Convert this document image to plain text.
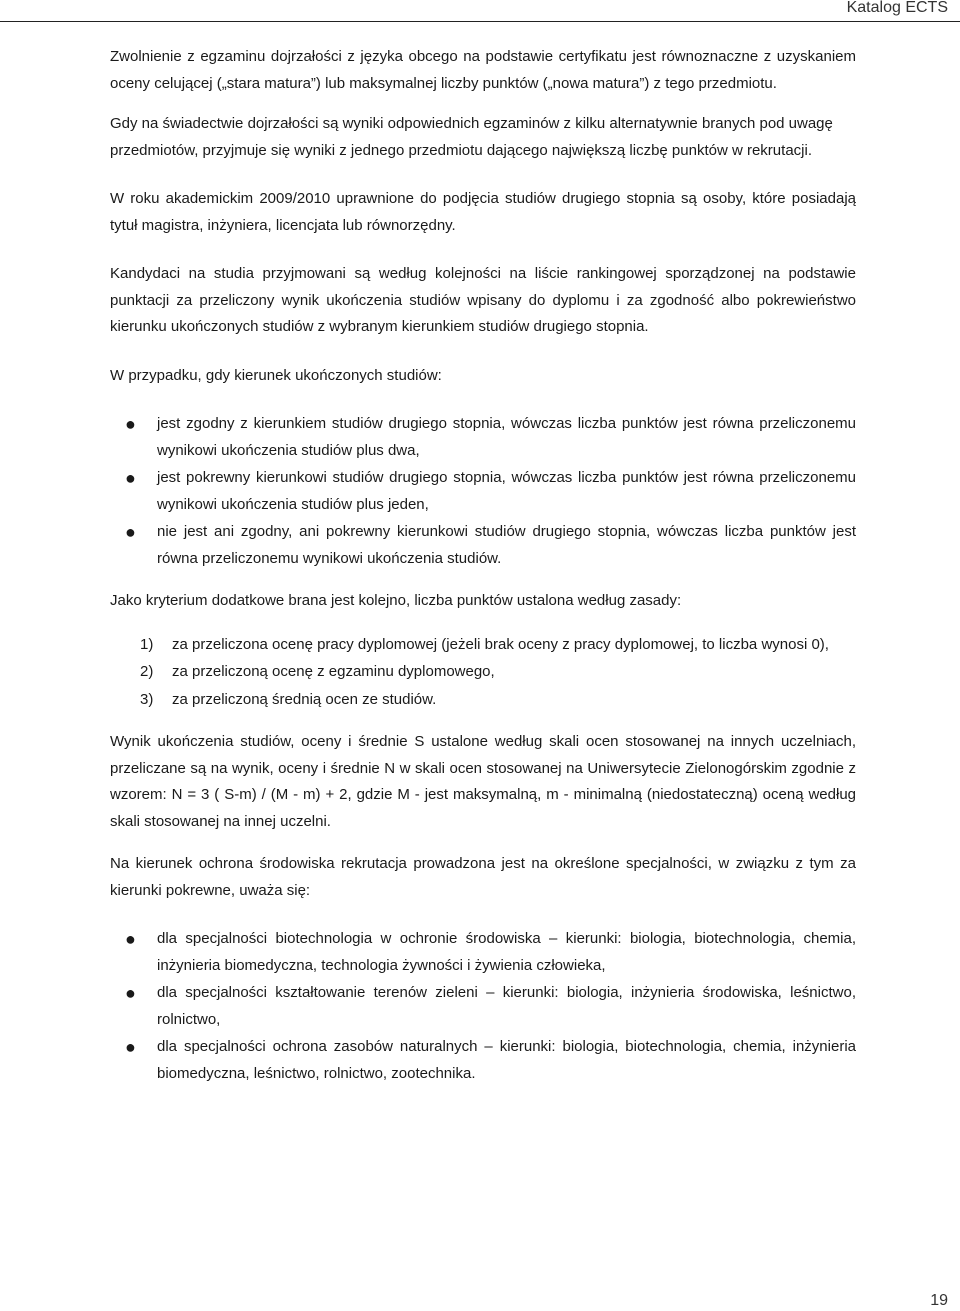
Katalog ECTS

Zwolnienie z egzaminu dojrzałości z języka obcego na podstawie certyfikatu jest równoznaczne z uzyskaniem oceny celującej („stara matura”) lub maksymalnej liczby punktów („nowa matura”) z tego przedmiotu.

Gdy na świadectwie dojrzałości są wyniki odpowiednich egzaminów z kilku alternatywnie branych pod uwagę przedmiotów, przyjmuje się wyniki z jednego przedmiotu dającego największą liczbę punktów w rekrutacji.

W roku akademickim 2009/2010 uprawnione do podjęcia studiów drugiego stopnia są osoby, które posiadają tytuł magistra, inżyniera, licencjata lub równorzędny.

Kandydaci na studia przyjmowani są według kolejności na liście rankingowej sporządzonej na podstawie punktacji za przeliczony wynik ukończenia studiów wpisany do dyplomu i za zgodność albo pokrewieństwo kierunku ukończonych studiów z wybranym kierunkiem studiów drugiego stopnia.

W przypadku, gdy kierunek ukończonych studiów:

● jest zgodny z kierunkiem studiów drugiego stopnia, wówczas liczba punktów jest równa przeliczonemu wynikowi ukończenia studiów plus dwa,
● jest pokrewny kierunkowi studiów drugiego stopnia, wówczas liczba punktów jest równa przeliczonemu wynikowi ukończenia studiów plus jeden,
● nie jest ani zgodny, ani pokrewny kierunkowi studiów drugiego stopnia, wówczas liczba punktów jest równa przeliczonemu wynikowi ukończenia studiów.

Jako kryterium dodatkowe brana jest kolejno, liczba punktów ustalona według zasady:

1) za przeliczona ocenę pracy dyplomowej (jeżeli brak oceny z pracy dyplomowej, to liczba wynosi 0),
2) za przeliczoną ocenę z egzaminu dyplomowego,
3) za przeliczoną średnią ocen ze studiów.

Wynik ukończenia studiów, oceny i średnie S ustalone według skali ocen stosowanej na innych uczelniach, przeliczane są na wynik, oceny i średnie N w skali ocen stosowanej na Uniwersytecie Zielonogórskim zgodnie z wzorem: N = 3 ( S-m) / (M - m) + 2, gdzie M - jest maksymalną, m - minimalną (niedostateczną) oceną według skali stosowanej na innej uczelni.

Na kierunek ochrona środowiska rekrutacja prowadzona jest na określone specjalności, w związku z tym za kierunki pokrewne, uważa się:

● dla specjalności biotechnologia w ochronie środowiska – kierunki: biologia, biotechnologia, chemia, inżynieria biomedyczna, technologia żywności i żywienia człowieka,
● dla specjalności kształtowanie terenów zieleni – kierunki: biologia, inżynieria środowiska, leśnictwo, rolnictwo,
● dla specjalności ochrona zasobów naturalnych – kierunki: biologia, biotechnologia, chemia, inżynieria biomedyczna, leśnictwo, rolnictwo, zootechnika.
19
